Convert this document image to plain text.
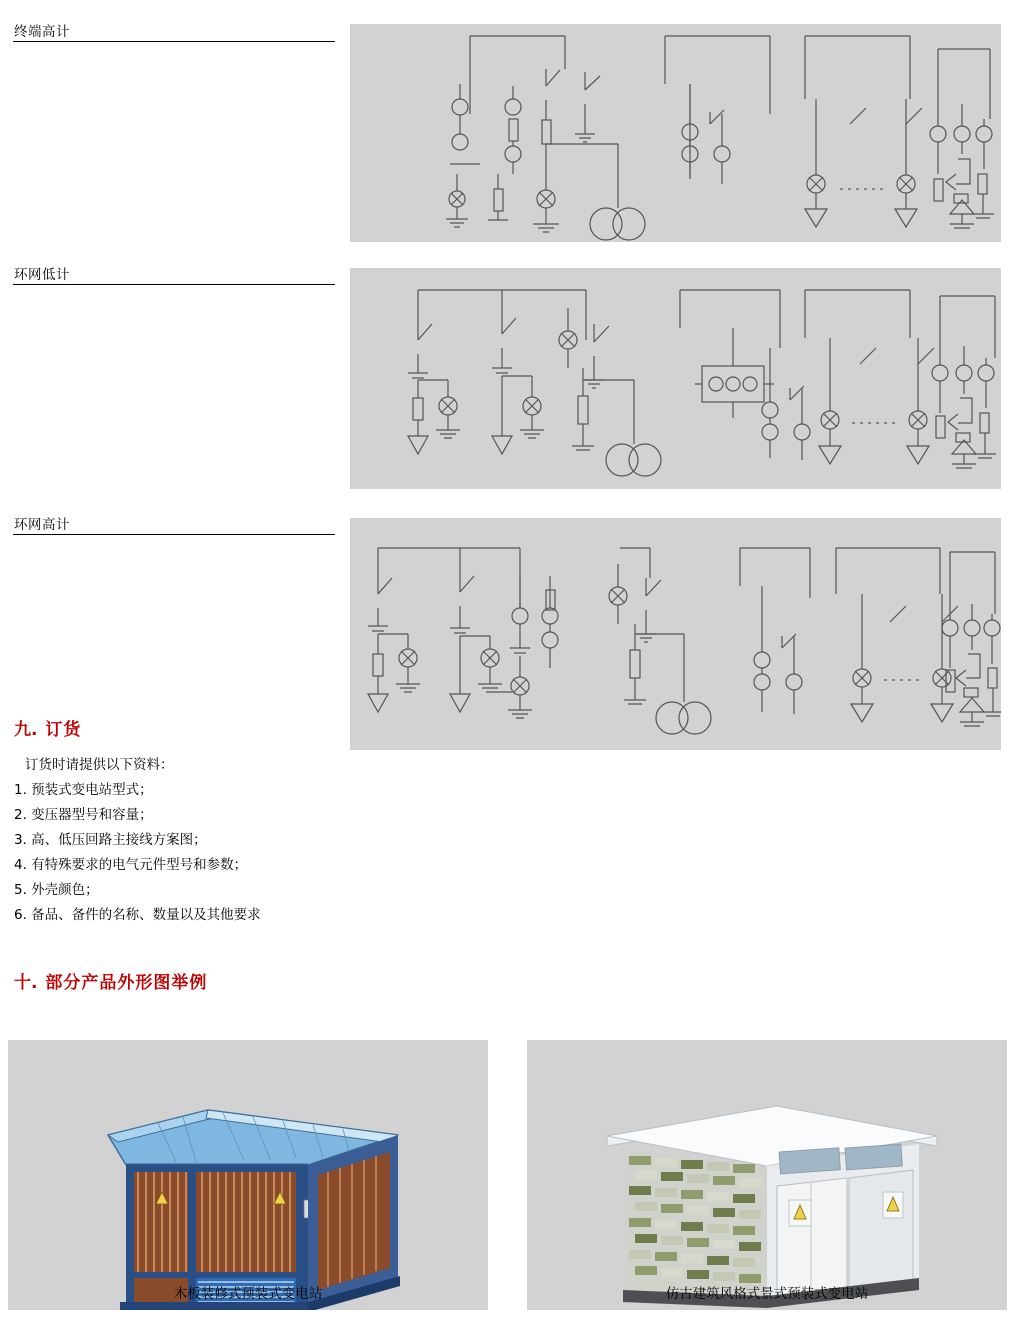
终端高计
环网低计
环网高计
九. 订货
订货时请提供以下资料：
1. 预装式变电站型式；
2. 变压器型号和容量；
3. 高、低压回路主接线方案图；
4. 有特殊要求的电气元件型号和参数；
5. 外壳颜色；
6. 备品、备件的名称、数量以及其他要求
十. 部分产品外形图举例
木板装修式预装式变电站	仿古建筑风格式景式预装式变电站
